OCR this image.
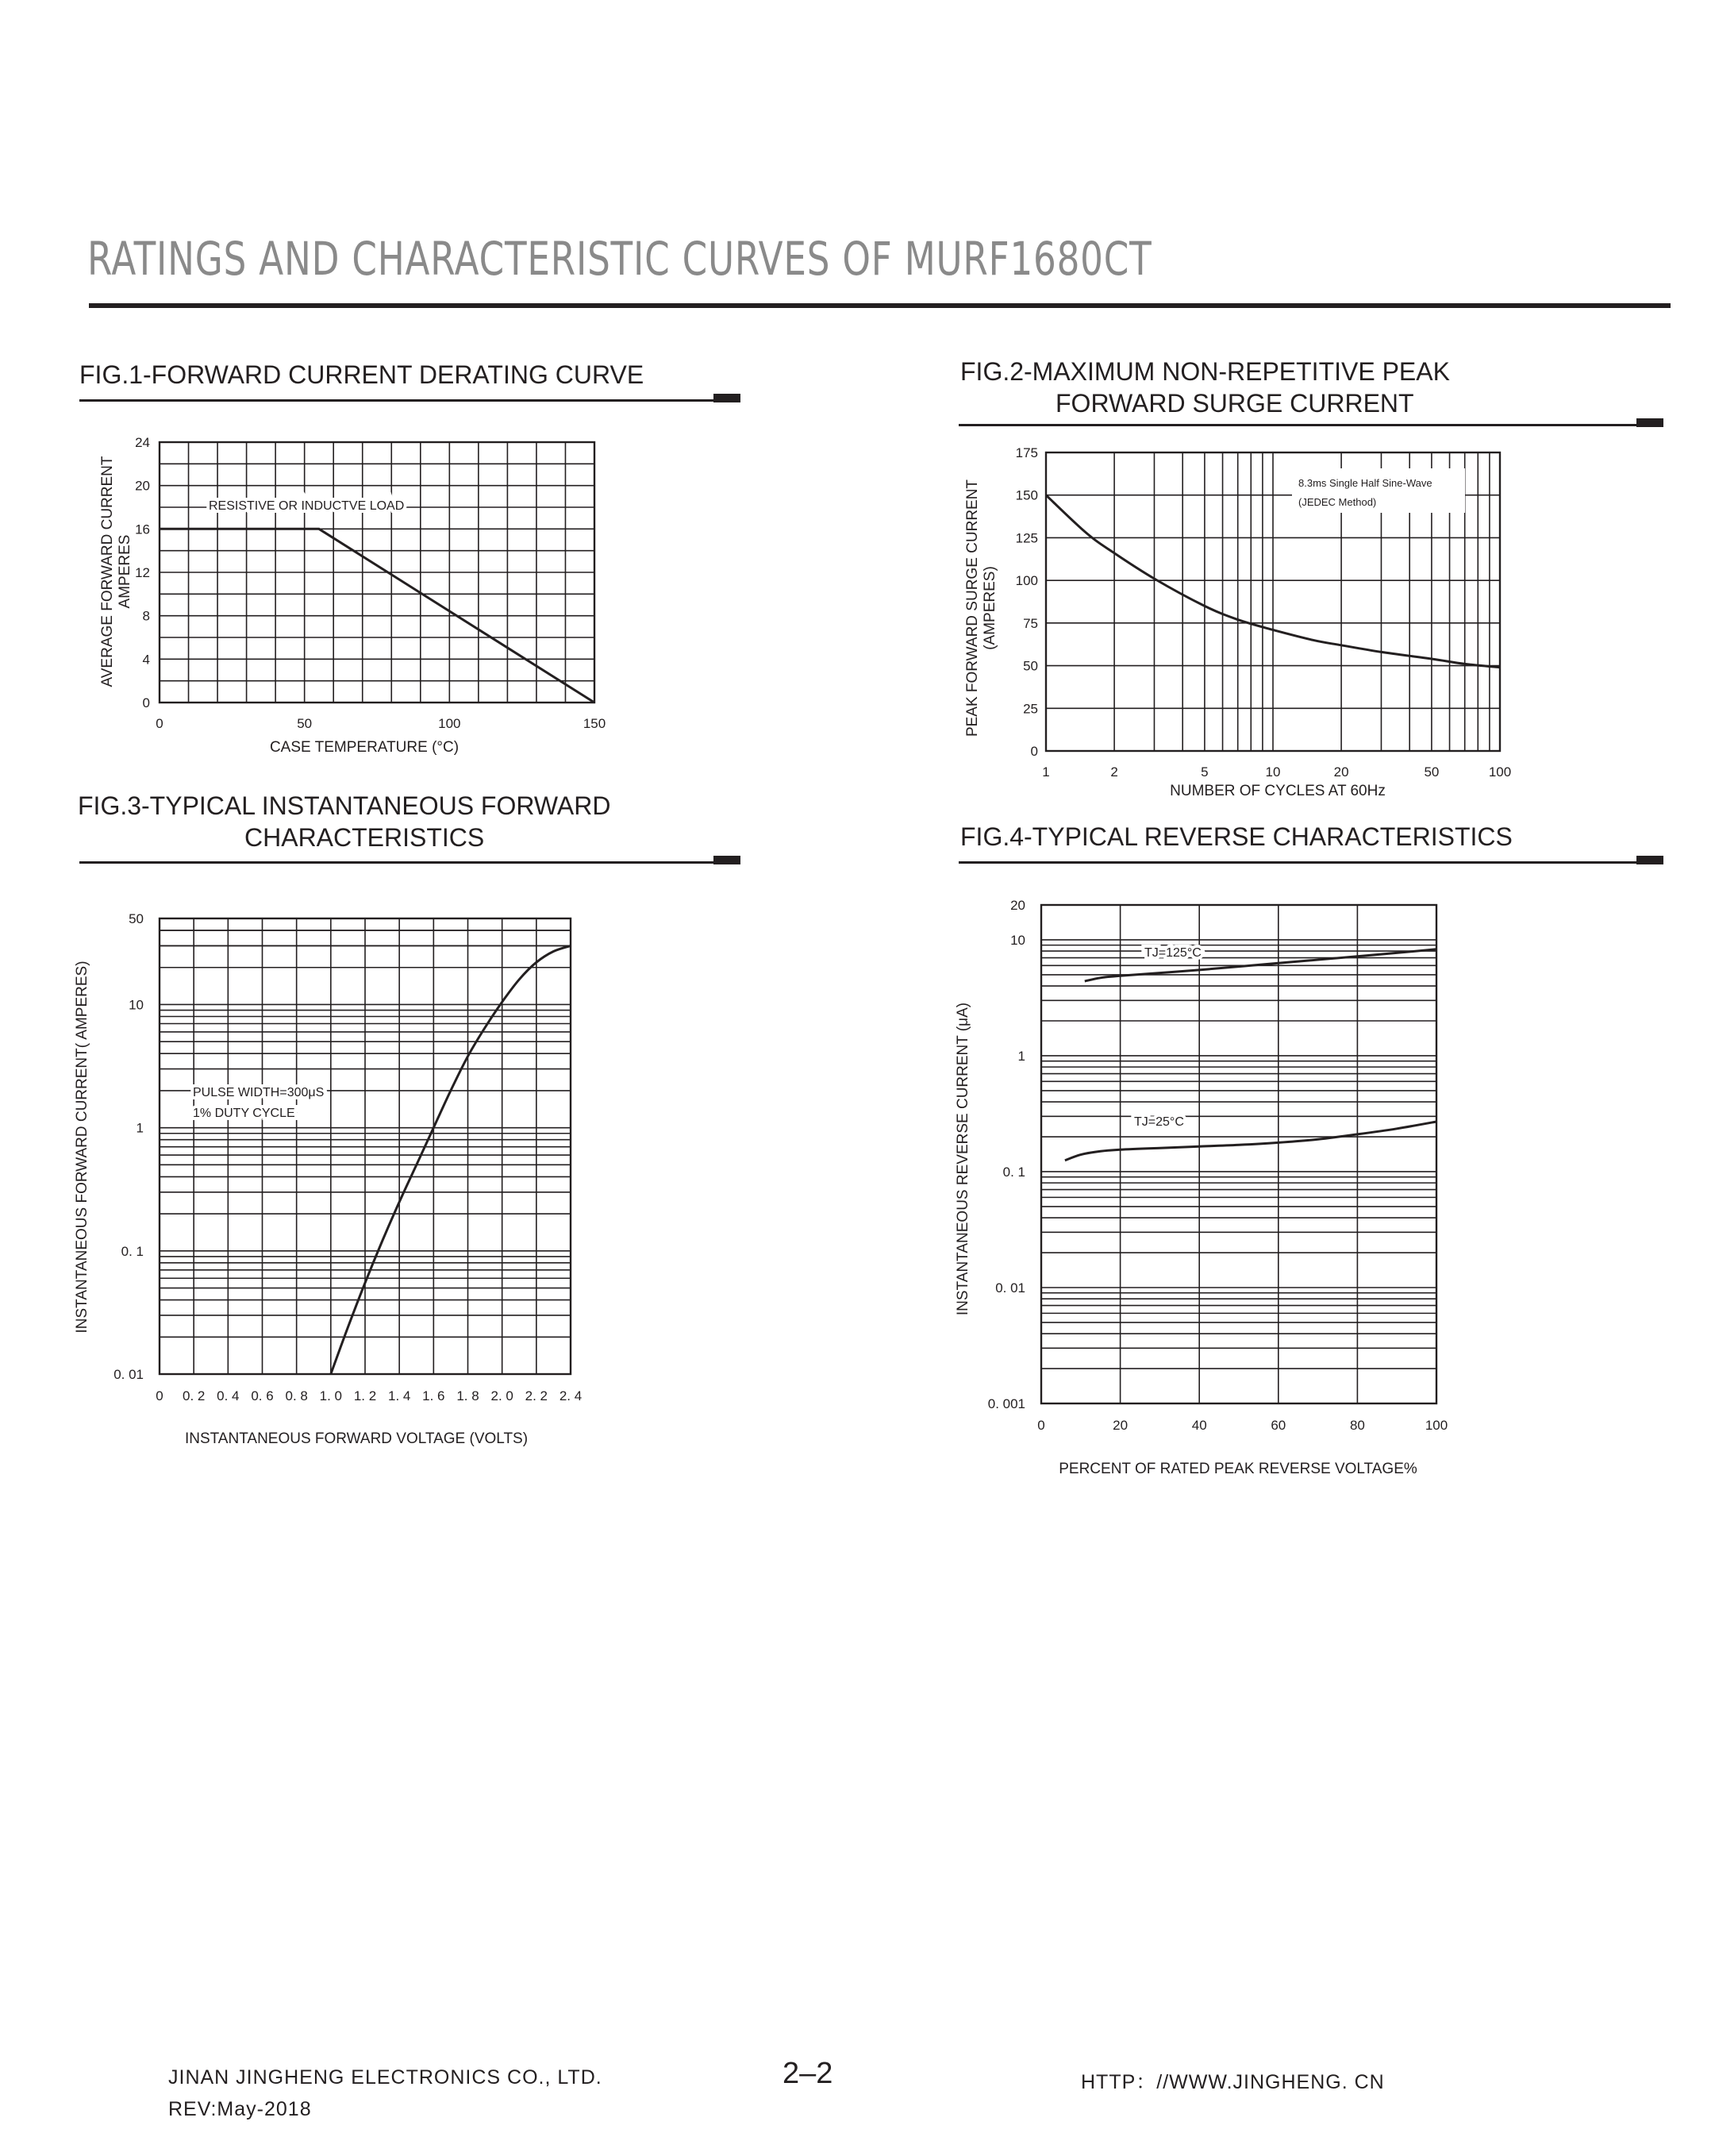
RATINGS AND CHARACTERISTIC CURVES OF MURF1680CT
FIG.1-FORWARD CURRENT DERATING CURVE	FIG.2-MAXIMUM NON-REPETITIVE PEAK
FORWARD SURGE CURRENT
FIG.3-TYPICAL INSTANTANEOUS FORWARD
CHARACTERISTICS	FIG.4-TYPICAL REVERSE CHARACTERISTICS
0	50	100	150
0
4
8
12
16
20
24
CASE TEMPERATURE (°C)
AVERAGE FORWARD CURRENT AMPERES
RESISTIVE OR INDUCTVE LOAD
8.3ms Single Half Sine-Wave
(JEDEC Method)
1	2	5	10	20	50	100
0
25
50
75
100
125
150
175
NUMBER OF CYCLES AT 60Hz
PEAK FORWARD SURGE CURRENT (AMPERES)
0 0. 2 0. 4 0. 6 0. 8 1. 0 1. 2 1. 4 1. 6 1. 8 2. 0 2. 2 2. 4
0. 01
0. 1
1
10
50
INSTANTANEOUS FORWARD VOLTAGE (VOLTS)
INSTANTANEOUS FORWARD CURRENT( AMPERES)	PULSE WIDTH=300μS
1% DUTY CYCLE
0	20	40	60	80	100
0. 001
0. 01
0. 1
1
10
20
PERCENT OF RATED PEAK REVERSE VOLTAGE%
INSTANTANEOUS REVERSE CURRENT (μA)
TJ=125°C
TJ=25°C
JINAN JINGHENG ELECTRONICS CO., LTD.	2–2	HTTP：//WWW.JINGHENG. CN
REV:May-2018
